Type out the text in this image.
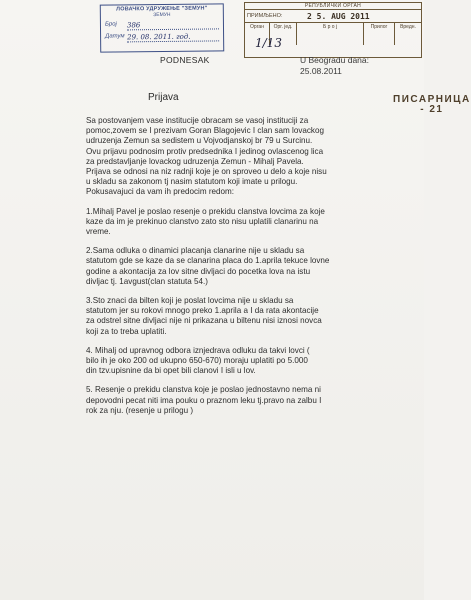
ЛОВАЧКО УДРУЖЕЊЕ "ЗЕМУН"
ЗЕМУН
Број	386
Датум 29. 08. 2011. год.
РЕПУБЛИЧКИ ОРГАН
ПИСАРНИЦА - 21
ПРИМЉЕНО:	2 5. AUG 2011
Орган	Орг. јед.	Б р о ј	Прилог	Вредн.
1/13
PODNESAK	U Beogradu dana:
25.08.2011
Prijava

Sa postovanjem vase institucije obracam se vasoj instituciji za
pomoc,zovem se I prezivam Goran Blagojevic I clan sam lovackog
udruzenja Zemun sa sedistem u Vojvodjanskoj br 79 u Surcinu.
Ovu prijavu podnosim protiv predsednika I jedinog ovlascenog lica
za predstavljanje lovackog udruzenja Zemun - Mihalj Pavela.
Prijava se odnosi na niz radnji koje je on sproveo u delo a koje nisu
u skladu sa zakonom tj nasim statutom koji imate u prilogu.
Pokusavajuci da vam ih predocim redom:

1.Mihalj Pavel je poslao resenje o prekidu clanstva lovcima za koje
kaze da im je prekinuo clanstvo zato sto nisu uplatili clanarinu na
vreme.

2.Sama odluka o dinamici placanja clanarine nije u skladu sa
statutom gde se kaze da se clanarina placa do 1.aprila tekuce lovne
godine a akontacija za lov sitne divljaci do pocetka lova na istu
divljac tj. 1avgust(clan statuta 54.)

3.Sto znaci da bilten koji je poslat lovcima nije u skladu sa
statutom jer su rokovi mnogo preko 1.aprila a I da rata akontacije
za odstrel sitne divljaci nije ni prikazana u biltenu nisi iznosi novca
koji za to treba uplatiti.

4. Mihalj od upravnog odbora iznjedrava odluku da takvi lovci (
bilo ih je oko 200 od ukupno 650-670) moraju uplatiti po 5.000
din tzv.upisnine da bi opet bili clanovi I isli u lov.

5. Resenje o prekidu clanstva koje je poslao jednostavno nema ni
depovodni pecat niti ima pouku o praznom leku tj.pravo na zalbu I
rok za nju. (resenje u prilogu )
